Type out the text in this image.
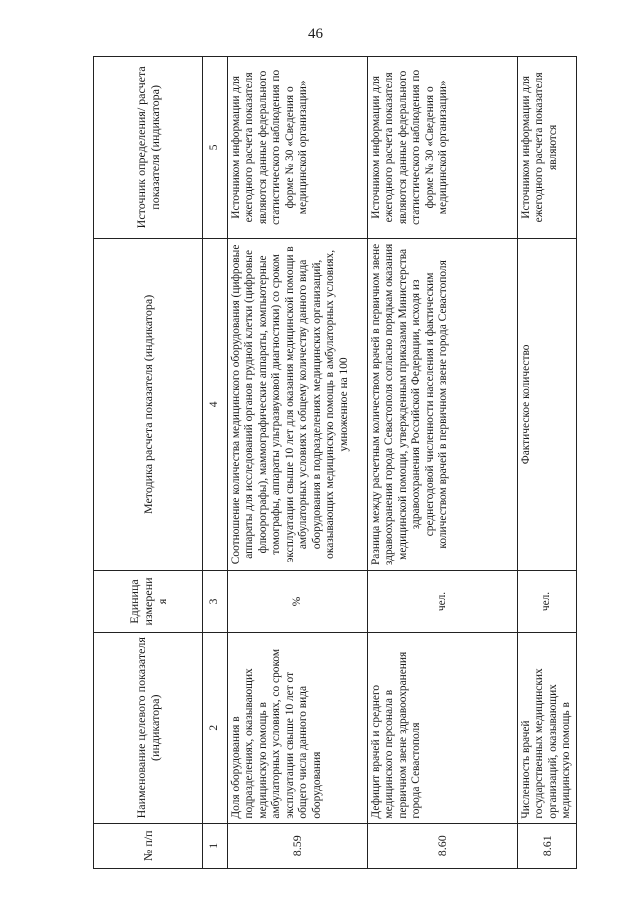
46
№ п/п	Наименование целевого показателя (индикатора)	Единица измерения	Методика расчета показателя (индикатора)	Источник определения/ расчета показателя (индикатора)
1	2	3	4	5
8.59	Доля оборудования в подразделениях, оказывающих медицинскую помощь в амбулаторных условиях, со сроком эксплуатации свыше 10 лет от общего числа данного вида оборудования	%	Соотношение количества медицинского оборудования (цифровые аппараты для исследований органов грудной клетки (цифровые флюорографы), маммографические аппараты, компьютерные томографы, аппараты ультразвуковой диагностики) со сроком эксплуатации свыше 10 лет для оказания медицинской помощи в амбулаторных условиях к общему количеству данного вида оборудования в подразделениях медицинских организаций, оказывающих медицинскую помощь в амбулаторных условиях, умноженное на 100	Источником информации для ежегодного расчета показателя являются данные федерального статистического наблюдения по форме № 30 «Сведения о медицинской организации»
8.60	Дефицит врачей и среднего медицинского персонала в первичном звене здравоохранения города Севастополя	чел.	Разница между расчетным количеством врачей в первичном звене здравоохранения города Севастополя согласно порядкам оказания медицинской помощи, утвержденным приказами Министерства здравоохранения Российской Федерации, исходя из среднегодовой численности населения и фактическим количеством врачей в первичном звене города Севастополя	Источником информации для ежегодного расчета показателя являются данные федерального статистического наблюдения по форме № 30 «Сведения о медицинской организации»
8.61	Численность врачей государственных медицинских организаций, оказывающих медицинскую помощь в	чел.	Фактическое количество	Источником информации для ежегодного расчета показателя являются
